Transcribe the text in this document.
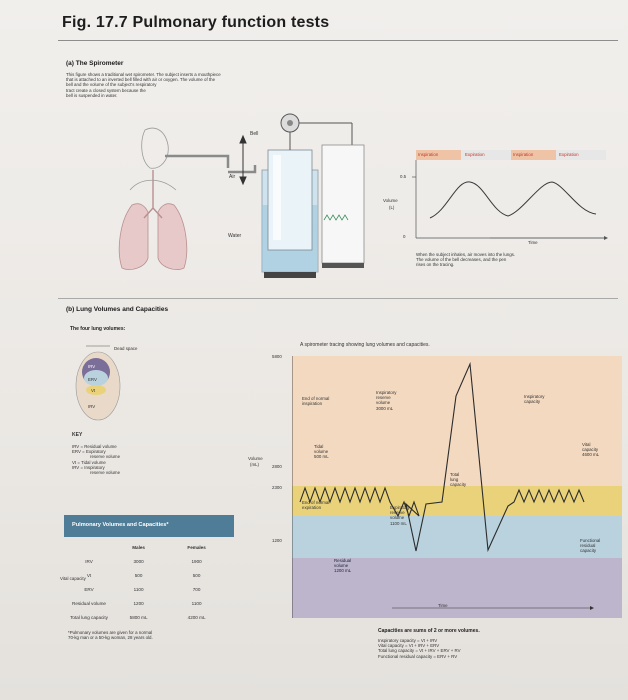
Fig. 17.7 Pulmonary function tests
(a) The Spirometer
This figure shows a traditional wet spirometer. The subject inserts a mouthpiece
that is attached to an inverted bell filled with air or oxygen. The volume of the
bell and the volume of the subject's respiratory
tract create a closed system because the
bell is suspended in water.
Bell
Air
Water
Inspiration	Expiration	Inspiration	Expiration
0.5
0
Volume
(L)
Time
When the subject inhales, air moves into the lungs.
The volume of the bell decreases, and the pen
rises on the tracing.
(b) Lung Volumes and Capacities
The four lung volumes:
Dead space
IRV
ERV
Vt
IRV
KEY
IRV = Residual volume
ERV = Expiratory
reserve volume
Vt = Tidal volume
IRV = Inspiratory
reserve volume
Pulmonary Volumes and Capacities*
	Males	Females
IRV	3000	1900
Vt	500	500
ERV	1100	700
Residual volume	1200	1100
Total lung capacity	5800 mL	4200 mL
Vital capacity
*Pulmonary volumes are given for a normal
70-kg man or a 50-kg woman, 28 years old.
A spirometer tracing showing lung volumes and capacities.
5800
2800
2300
1200
Volume
(mL)
End of normal
inspiration
Tidal
volume
500 mL
End of normal
expiration
Inspiratory
reserve
volume
3000 mL
Expiratory
reserve
volume
1100 mL
Residual
volume
1200 mL
Total
lung
capacity
Inspiratory
capacity
Vital
capacity
4600 mL
Functional
residual
capacity
Time
Capacities are sums of 2 or more volumes.
Inspiratory capacity = Vt + IRV
Vital capacity = Vt + IRV + ERV
Total lung capacity = Vt + IRV + ERV + RV
Functional residual capacity = ERV + RV
